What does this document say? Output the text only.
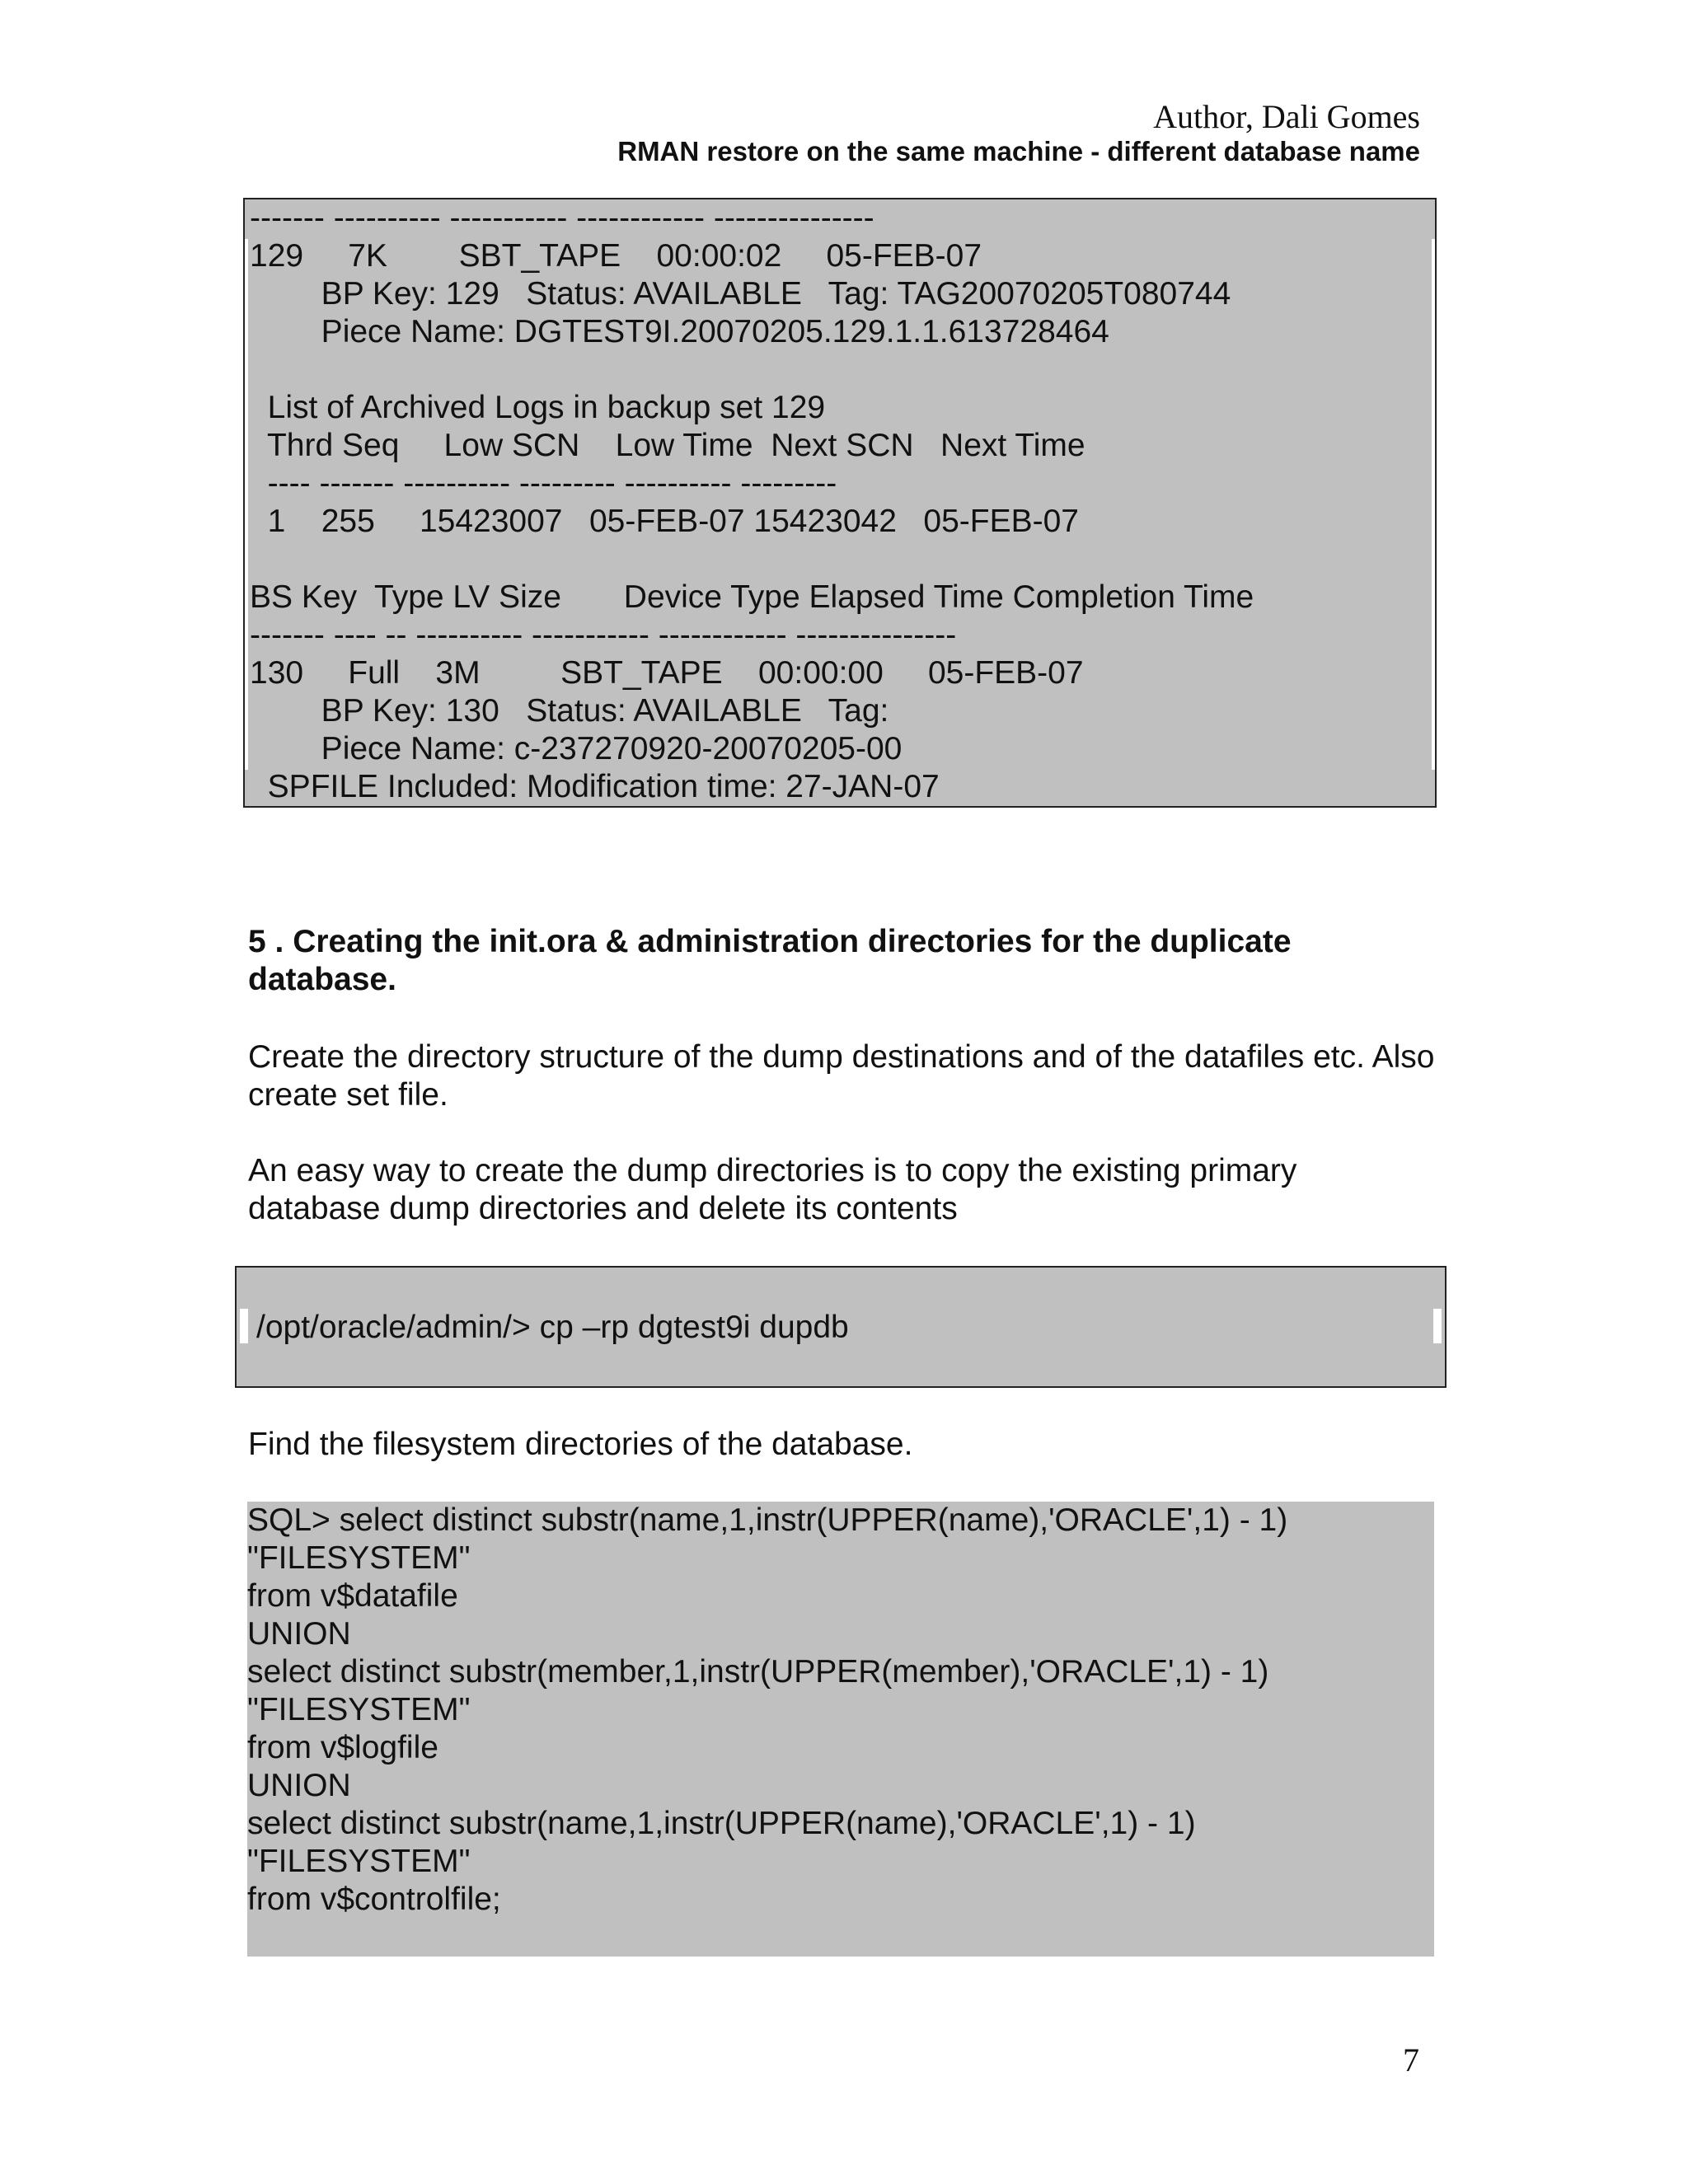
Author, Dali Gomes
RMAN restore on the same machine - different database name
------- ---------- ----------- ------------ ---------------
129     7K        SBT_TAPE    00:00:02     05-FEB-07
BP Key: 129   Status: AVAILABLE   Tag: TAG20070205T080744
Piece Name: DGTEST9I.20070205.129.1.1.613728464

List of Archived Logs in backup set 129
Thrd Seq     Low SCN    Low Time  Next SCN   Next Time
---- ------- ---------- --------- ---------- ---------
1    255     15423007   05-FEB-07 15423042   05-FEB-07

BS Key  Type LV Size       Device Type Elapsed Time Completion Time
------- ---- -- ---------- ----------- ------------ ---------------
130     Full    3M         SBT_TAPE    00:00:00     05-FEB-07
BP Key: 130   Status: AVAILABLE   Tag:
Piece Name: c-237270920-20070205-00
SPFILE Included: Modification time: 27-JAN-07
5 . Creating the init.ora & administration directories for the duplicate database.
Create the directory structure of the dump destinations and of the datafiles etc. Also create set file.
An easy way to create the dump directories is to copy the existing primary database dump directories and delete its contents
/opt/oracle/admin/> cp –rp dgtest9i dupdb
Find the filesystem directories of the database.
SQL> select distinct substr(name,1,instr(UPPER(name),'ORACLE',1) - 1)
"FILESYSTEM"
from v$datafile
UNION
select distinct substr(member,1,instr(UPPER(member),'ORACLE',1) - 1)
"FILESYSTEM"
from v$logfile
UNION
select distinct substr(name,1,instr(UPPER(name),'ORACLE',1) - 1)
"FILESYSTEM"
from v$controlfile;
7
